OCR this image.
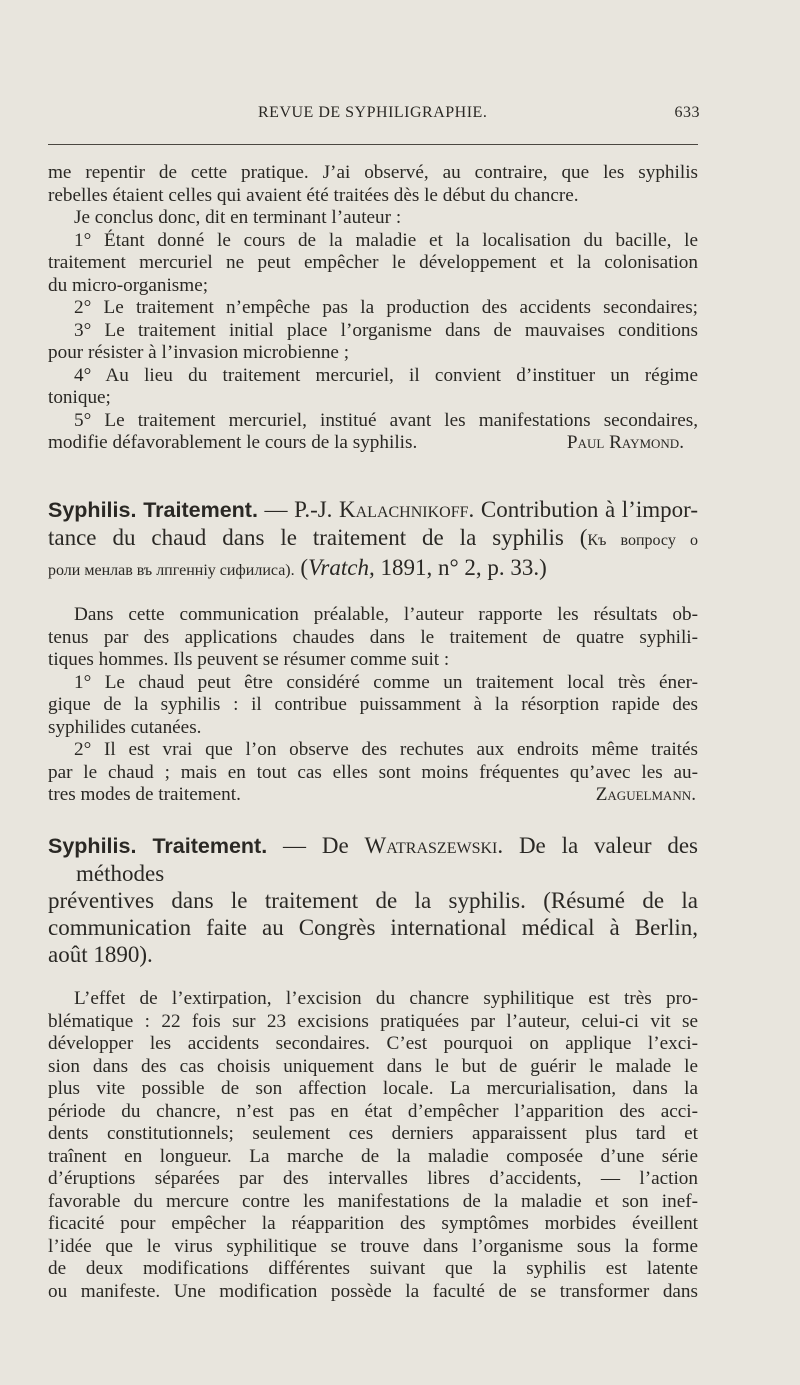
REVUE DE SYPHILIGRAPHIE.	633

me repentir de cette pratique. J’ai observé, au contraire, que les syphilis

rebelles étaient celles qui avaient été traitées dès le début du chancre.

Je conclus donc, dit en terminant l’auteur :

1° Étant donné le cours de la maladie et la localisation du bacille, le

traitement mercuriel ne peut empêcher le développement et la colonisation

du micro-organisme;

2° Le traitement n’empêche pas la production des accidents secondaires;

3° Le traitement initial place l’organisme dans de mauvaises conditions

pour résister à l’invasion microbienne ;

4° Au lieu du traitement mercuriel, il convient d’instituer un régime

tonique;

5° Le traitement mercuriel, institué avant les manifestations secondaires,

modifie défavorablement le cours de la syphilis.	Paul Raymond.
Syphilis. Traitement. — P.-J. Kalachnikoff. Contribution à l’impor-
tance du chaud dans le traitement de la syphilis (Къ вопросу о
роли менлав въ лпгенніу сифилиса). (Vratch, 1891, n° 2, p. 33.)

Dans cette communication préalable, l’auteur rapporte les résultats ob-

tenus par des applications chaudes dans le traitement de quatre syphili-

tiques hommes. Ils peuvent se résumer comme suit :

1° Le chaud peut être considéré comme un traitement local très éner-

gique de la syphilis : il contribue puissamment à la résorption rapide des

syphilides cutanées.

2° Il est vrai que l’on observe des rechutes aux endroits même traités

par le chaud ; mais en tout cas elles sont moins fréquentes qu’avec les au-

tres modes de traitement.	Zaguelmann.
Syphilis. Traitement. — De Watraszewski. De la valeur des méthodes
préventives dans le traitement de la syphilis. (Résumé de la
communication faite au Congrès international médical à Berlin,
août 1890).

L’effet de l’extirpation, l’excision du chancre syphilitique est très pro-

blématique : 22 fois sur 23 excisions pratiquées par l’auteur, celui-ci vit se

développer les accidents secondaires. C’est pourquoi on applique l’exci-

sion dans des cas choisis uniquement dans le but de guérir le malade le

plus vite possible de son affection locale. La mercurialisation, dans la

période du chancre, n’est pas en état d’empêcher l’apparition des acci-

dents constitutionnels; seulement ces derniers apparaissent plus tard et

traînent en longueur. La marche de la maladie composée d’une série

d’éruptions séparées par des intervalles libres d’accidents, — l’action

favorable du mercure contre les manifestations de la maladie et son inef-

ficacité pour empêcher la réapparition des symptômes morbides éveillent

l’idée que le virus syphilitique se trouve dans l’organisme sous la forme

de deux modifications différentes suivant que la syphilis est latente

ou manifeste. Une modification possède la faculté de se transformer dans
